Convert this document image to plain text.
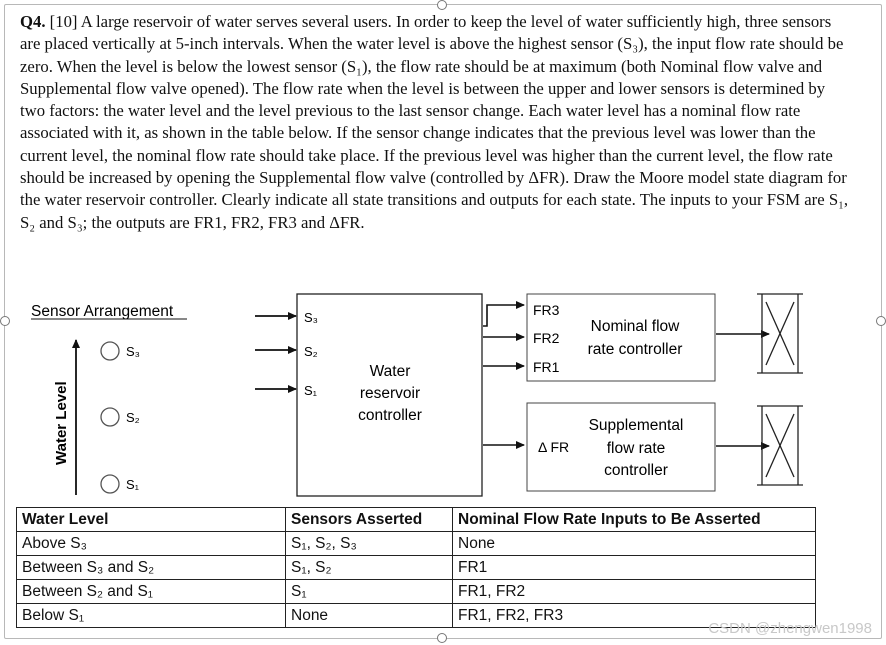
Q4. [10] A large reservoir of water serves several users. In order to keep the level of water sufficiently high, three sensors are placed vertically at 5-inch intervals. When the water level is above the highest sensor (S₃), the input flow rate should be zero. When the level is below the lowest sensor (S₁), the flow rate should be at maximum (both Nominal flow valve and Supplemental flow valve opened). The flow rate when the level is between the upper and lower sensors is determined by two factors: the water level and the level previous to the last sensor change. Each water level has a nominal flow rate associated with it, as shown in the table below. If the sensor change indicates that the previous level was lower than the current level, the nominal flow rate should take place. If the previous level was higher than the current level, the flow rate should be increased by opening the Supplemental flow valve (controlled by ΔFR). Draw the Moore model state diagram for the water reservoir controller. Clearly indicate all state transitions and outputs for each state. The inputs to your FSM are S₁, S₂ and S₃; the outputs are FR1, FR2, FR3 and ΔFR.
Sensor Arrangement
Water Level
S₃
S₂
S₁
S₃
S₂
S₁
Water
reservoir
controller
FR3
FR2
FR1
Nominal flow
rate controller
Δ FR
Supplemental
flow rate
controller
Water Level	Sensors Asserted	Nominal Flow Rate Inputs to Be Asserted
Above S₃	S₁, S₂, S₃	None
Between S₃ and S₂	S₁, S₂	FR1
Between S₂ and S₁	S₁	FR1, FR2
Below S₁	None	FR1, FR2, FR3
CSDN @zhengwen1998
